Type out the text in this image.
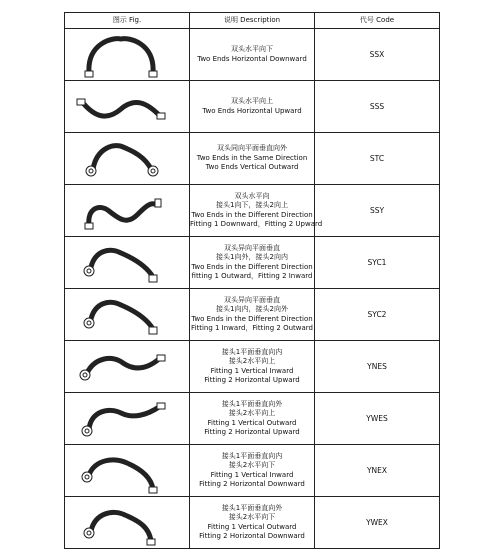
图示 Fig.	说明 Description	代号 Code

双头水平向下
Two Ends Horizontal Downward	SSX

双头水平向上
Two Ends Horizontal Upward	SSS

双头同向平面垂直向外
Two Ends in the Same Direction
Two Ends Vertical Outward	STC

双头水平向
接头1向下，接头2向上
Two Ends in the Different Direction
Fitting 1 Downward，Fitting 2 Upward	SSY

双头异向平面垂直
接头1向外，接头2向内
Two Ends in the Different Direction
fitting 1 Outward，Fitting 2 Inward	SYC1

双头异向平面垂直
接头1向内，接头2向外
Two Ends in the Different Direction
Fitting 1 Inward，Fitting 2 Outward	SYC2

接头1平面垂直向内
接头2水平向上
Fitting 1 Vertical Inward
Fitting 2 Horizontal Upward	YNES

接头1平面垂直向外
接头2水平向上
Fitting 1 Vertical Outward
Fitting 2 Horizontal Upward	YWES

接头1平面垂直向内
接头2水平向下
Fitting 1 Vertical Inward
Fitting 2 Horizontal Downward	YNEX

接头1平面垂直向外
接头2水平向下
Fitting 1 Vertical Outward
Fitting 2 Horizontal Downward	YWEX
